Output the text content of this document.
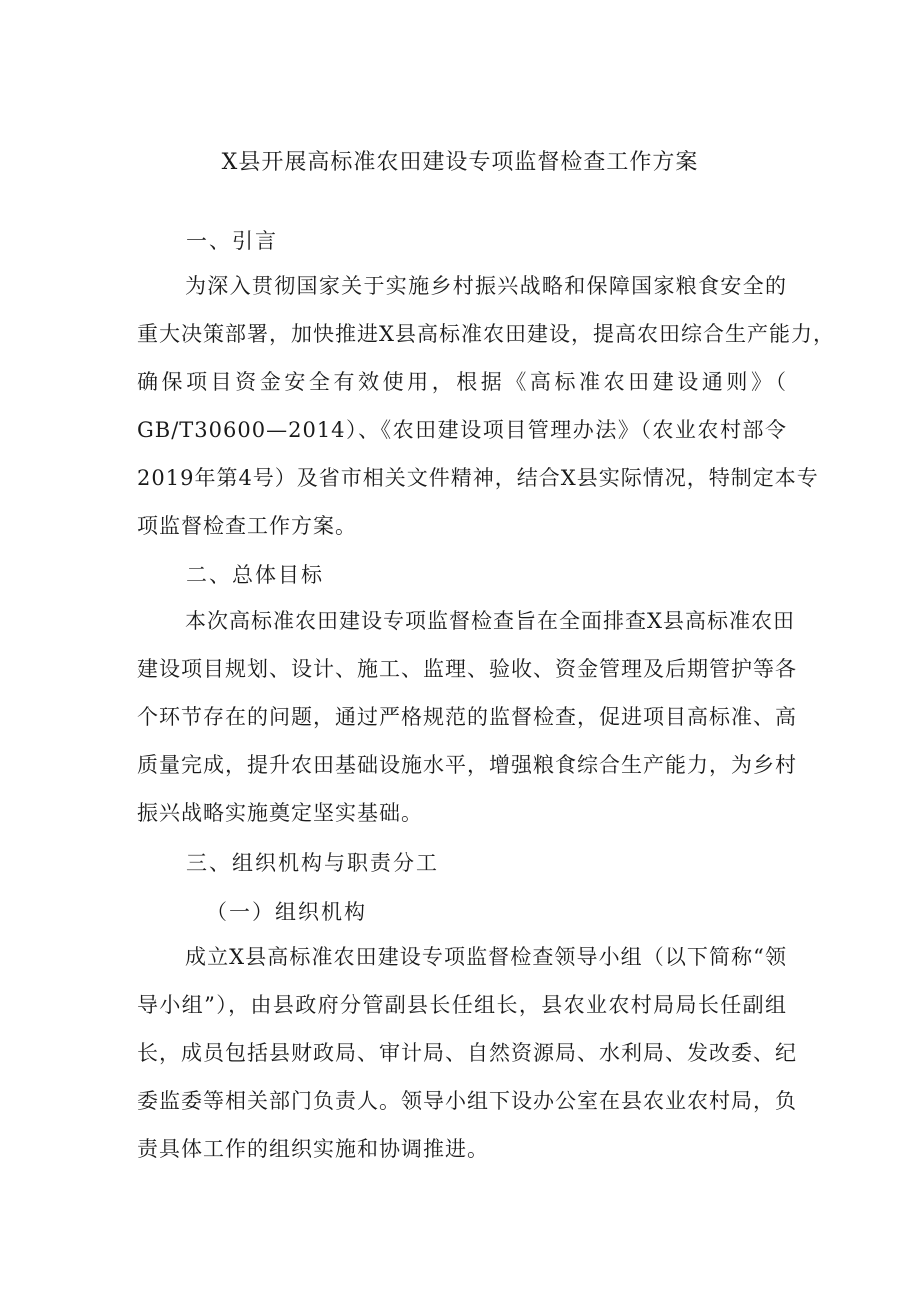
X县开展高标准农田建设专项监督检查工作方案
一、引言
为深入贯彻国家关于实施乡村振兴战略和保障国家粮食安全的
重大决策部署，加快推进X县高标准农田建设，提高农田综合生产能力，
确保项目资金安全有效使用，根据《高标准农田建设通则》（
GB/T30600—2014）、《农田建设项目管理办法》（农业农村部令
2019年第4号）及省市相关文件精神，结合X县实际情况，特制定本专
项监督检查工作方案。
二、总体目标
本次高标准农田建设专项监督检查旨在全面排查X县高标准农田
建设项目规划、设计、施工、监理、验收、资金管理及后期管护等各
个环节存在的问题，通过严格规范的监督检查，促进项目高标准、高
质量完成，提升农田基础设施水平，增强粮食综合生产能力，为乡村
振兴战略实施奠定坚实基础。
三、组织机构与职责分工
（一）组织机构
成立X县高标准农田建设专项监督检查领导小组（以下简称“领
导小组”），由县政府分管副县长任组长，县农业农村局局长任副组
长，成员包括县财政局、审计局、自然资源局、水利局、发改委、纪
委监委等相关部门负责人。领导小组下设办公室在县农业农村局，负
责具体工作的组织实施和协调推进。
